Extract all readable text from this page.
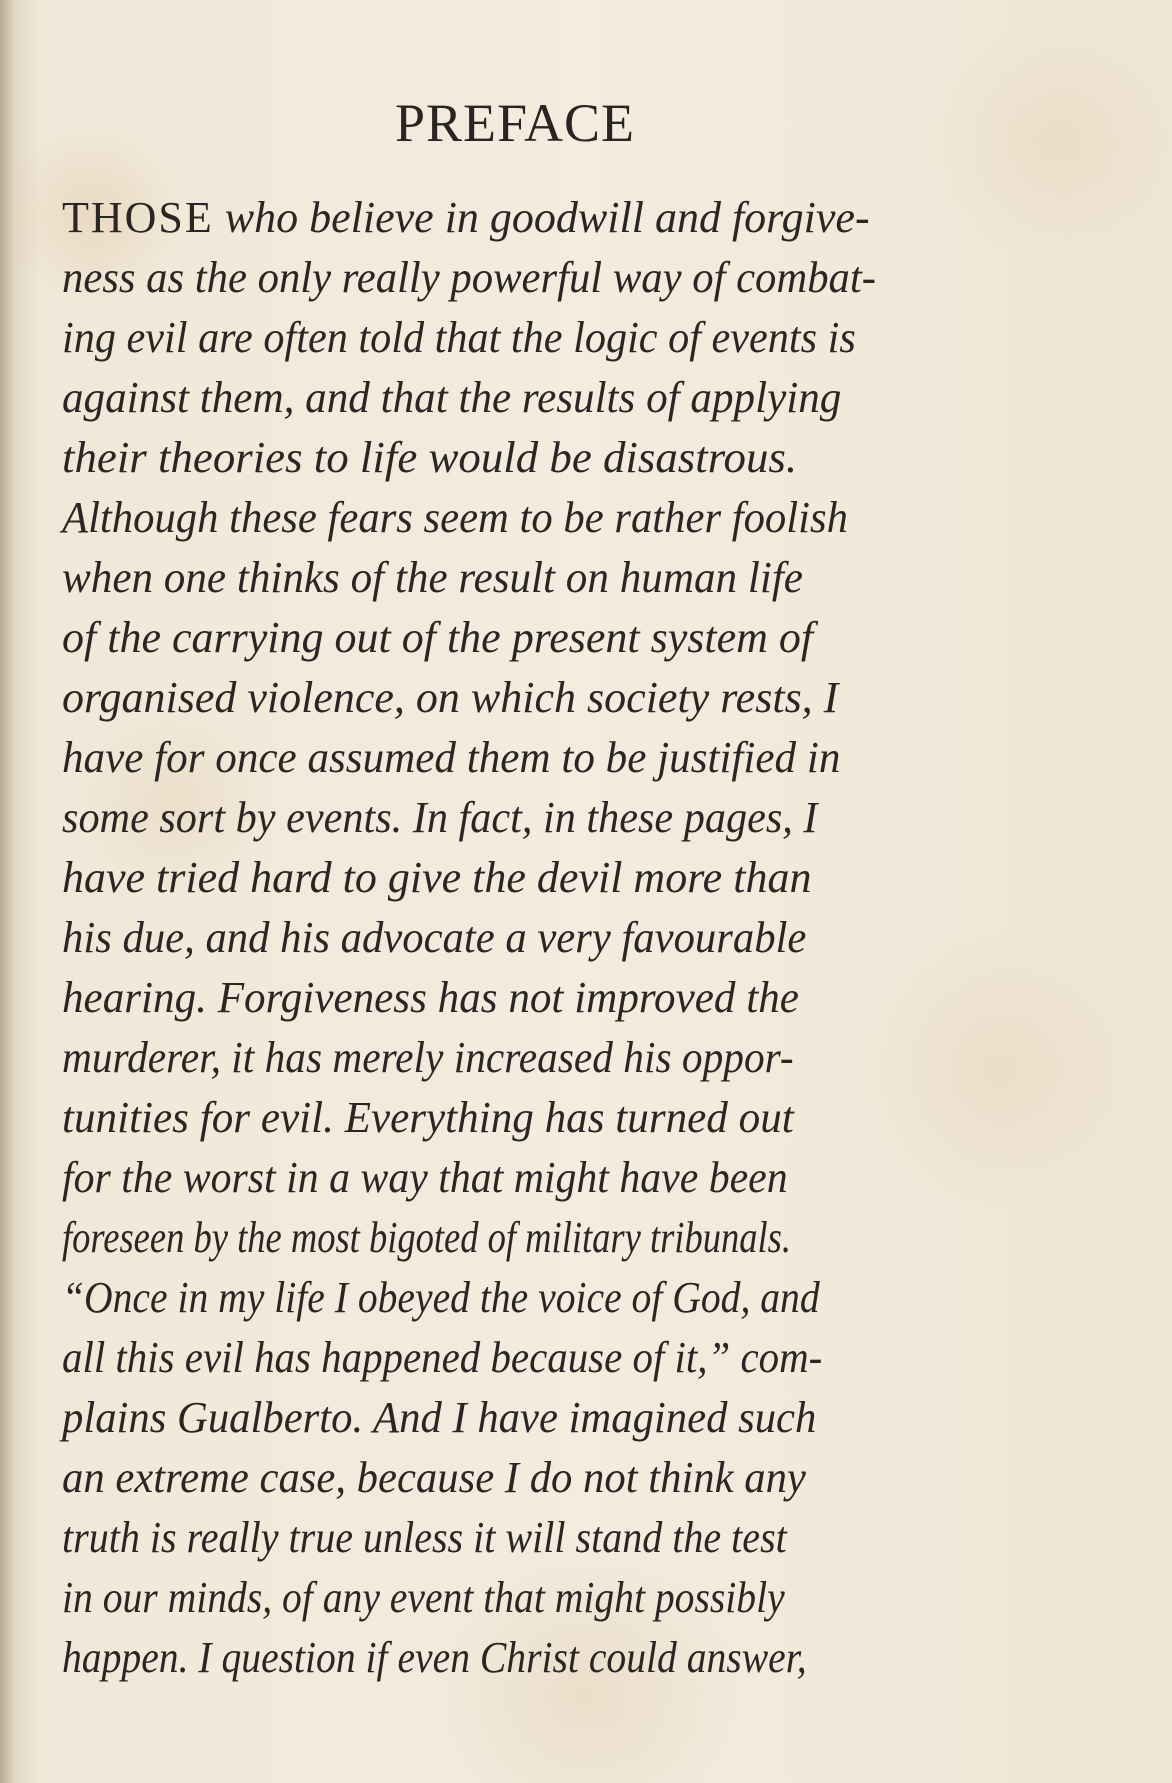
PREFACE
THOSE who believe in goodwill and forgive-
ness as the only really powerful way of combat-
ing evil are often told that the logic of events is
against them, and that the results of applying
their theories to life would be disastrous.
Although these fears seem to be rather foolish
when one thinks of the result on human life
of the carrying out of the present system of
organised violence, on which society rests, I
have for once assumed them to be justified in
some sort by events. In fact, in these pages, I
have tried hard to give the devil more than
his due, and his advocate a very favourable
hearing. Forgiveness has not improved the
murderer, it has merely increased his oppor-
tunities for evil. Everything has turned out
for the worst in a way that might have been
foreseen by the most bigoted of military tribunals.
“Once in my life I obeyed the voice of God, and
all this evil has happened because of it,” com-
plains Gualberto. And I have imagined such
an extreme case, because I do not think any
truth is really true unless it will stand the test
in our minds, of any event that might possibly
happen. I question if even Christ could answer,
